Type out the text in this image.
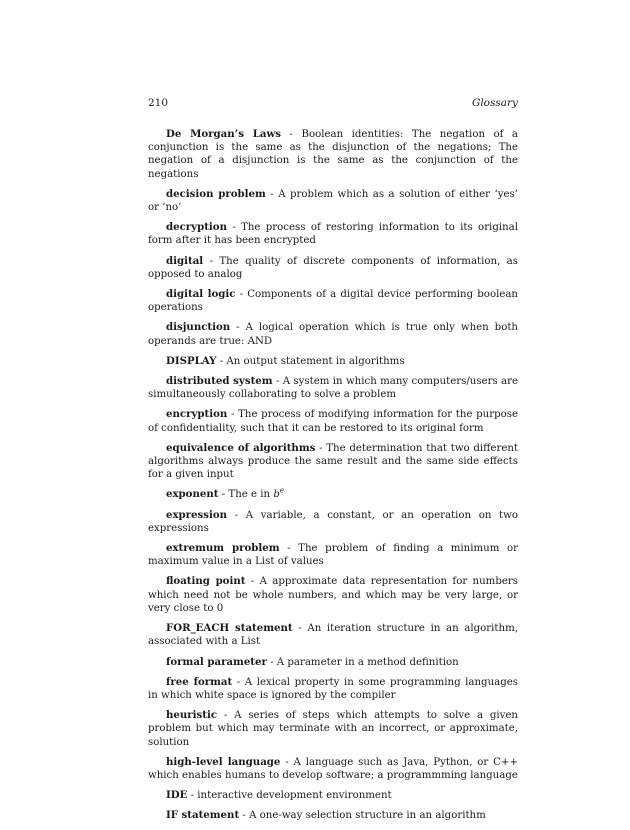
210	Glossary

De Morgan’s Laws - Boolean identities: The negation of a conjunction is the same as the disjunction of the negations; The negation of a disjunction is the same as the conjunction of the negations

decision problem - A problem which as a solution of either ‘yes’ or ‘no’

decryption - The process of restoring information to its original form after it has been encrypted

digital - The quality of discrete components of information, as opposed to analog

digital logic - Components of a digital device performing boolean operations

disjunction - A logical operation which is true only when both operands are true: AND

DISPLAY - An output statement in algorithms

distributed system - A system in which many computers/users are simultaneously collaborating to solve a problem

encryption - The process of modifying information for the purpose of confidentiality, such that it can be restored to its original form

equivalence of algorithms - The determination that two different algorithms always produce the same result and the same side effects for a given input

exponent - The e in $b^e$

expression - A variable, a constant, or an operation on two expressions

extremum problem - The problem of finding a minimum or maximum value in a List of values

floating point - A approximate data representation for numbers which need not be whole numbers, and which may be very large, or very close to 0

FOR_EACH statement - An iteration structure in an algorithm, associated with a List

formal parameter - A parameter in a method definition

free format - A lexical property in some programming languages in which white space is ignored by the compiler

heuristic - A series of steps which attempts to solve a given problem but which may terminate with an incorrect, or approximate, solution

high-level language - A language such as Java, Python, or C++ which enables humans to develop software; a programmming language

IDE - interactive development environment

IF statement - A one-way selection structure in an algorithm
